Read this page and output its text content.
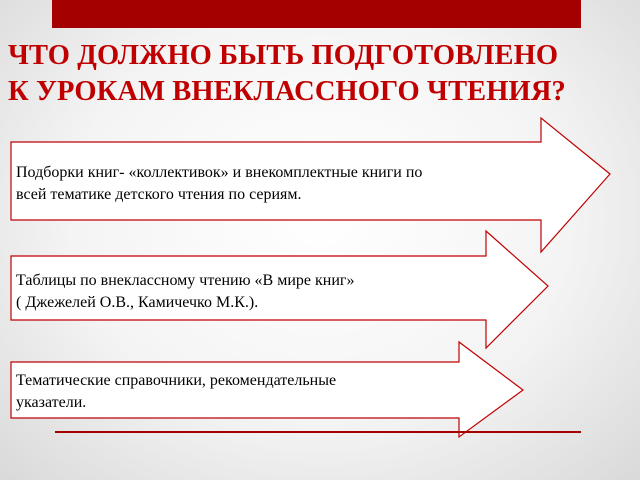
ЧТО ДОЛЖНО БЫТЬ ПОДГОТОВЛЕНО
К УРОКАМ ВНЕКЛАССНОГО ЧТЕНИЯ?
Подборки книг- «коллективок» и внекомплектные книги по
всей тематике детского чтения по сериям.
Таблицы по внеклассному чтению «В мире книг»
( Джежелей О.В., Камичечко М.К.).
Тематические справочники, рекомендательные
указатели.
